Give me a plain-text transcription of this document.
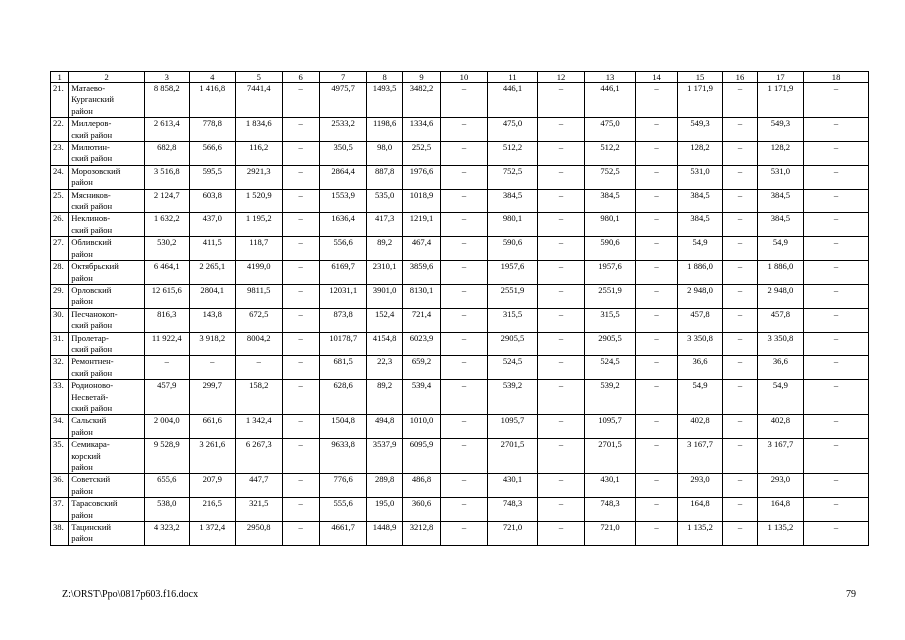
1	2	3	4	5	6	7	8	9	10	11	12	13	14	15	16	17	18
21.	Матаево-
Курганский
район	8 858,2	1 416,8	7441,4	–	4975,7	1493,5	3482,2	–	446,1	–	446,1	–	1 171,9	–	1 171,9	–
22.	Миллеров-
ский район	2 613,4	778,8	1 834,6	–	2533,2	1198,6	1334,6	–	475,0	–	475,0	–	549,3	–	549,3	–
23.	Милютин-
ский район	682,8	566,6	116,2	–	350,5	98,0	252,5	–	512,2	–	512,2	–	128,2	–	128,2	–
24.	Морозовский
район	3 516,8	595,5	2921,3	–	2864,4	887,8	1976,6	–	752,5	–	752,5	–	531,0	–	531,0	–
25.	Мясников-
ский район	2 124,7	603,8	1 520,9	–	1553,9	535,0	1018,9	–	384,5	–	384,5	–	384,5	–	384,5	–
26.	Неклинов-
ский район	1 632,2	437,0	1 195,2	–	1636,4	417,3	1219,1	–	980,1	–	980,1	–	384,5	–	384,5	–
27.	Обливский
район	530,2	411,5	118,7	–	556,6	89,2	467,4	–	590,6	–	590,6	–	54,9	–	54,9	–
28.	Октябрьский
район	6 464,1	2 265,1	4199,0	–	6169,7	2310,1	3859,6	–	1957,6	–	1957,6	–	1 886,0	–	1 886,0	–
29.	Орловский
район	12 615,6	2804,1	9811,5	–	12031,1	3901,0	8130,1	–	2551,9	–	2551,9	–	2 948,0	–	2 948,0	–
30.	Песчанокоп-
ский район	816,3	143,8	672,5	–	873,8	152,4	721,4	–	315,5	–	315,5	–	457,8	–	457,8	–
31.	Пролетар-
ский район	11 922,4	3 918,2	8004,2	–	10178,7	4154,8	6023,9	–	2905,5	–	2905,5	–	3 350,8	–	3 350,8	–
32.	Ремонтнен-
ский район	–	–	–	–	681,5	22,3	659,2	–	524,5	–	524,5	–	36,6	–	36,6	–
33.	Родионово-
Несветай-
ский район	457,9	299,7	158,2	–	628,6	89,2	539,4	–	539,2	–	539,2	–	54,9	–	54,9	–
34.	Сальский
район	2 004,0	661,6	1 342,4	–	1504,8	494,8	1010,0	–	1095,7	–	1095,7	–	402,8	–	402,8	–
35.	Семикара-
корский
район	9 528,9	3 261,6	6 267,3	–	9633,8	3537,9	6095,9	–	2701,5	–	2701,5	–	3 167,7	–	3 167,7	–
36.	Советский
район	655,6	207,9	447,7	–	776,6	289,8	486,8	–	430,1	–	430,1	–	293,0	–	293,0	–
37.	Тарасовский
район	538,0	216,5	321,5	–	555,6	195,0	360,6	–	748,3	–	748,3	–	164,8	–	164,8	–
38.	Тацинский
район	4 323,2	1 372,4	2950,8	–	4661,7	1448,9	3212,8	–	721,0	–	721,0	–	1 135,2	–	1 135,2	–
Z:\ORST\Ppo\0817p603.f16.docx	79
